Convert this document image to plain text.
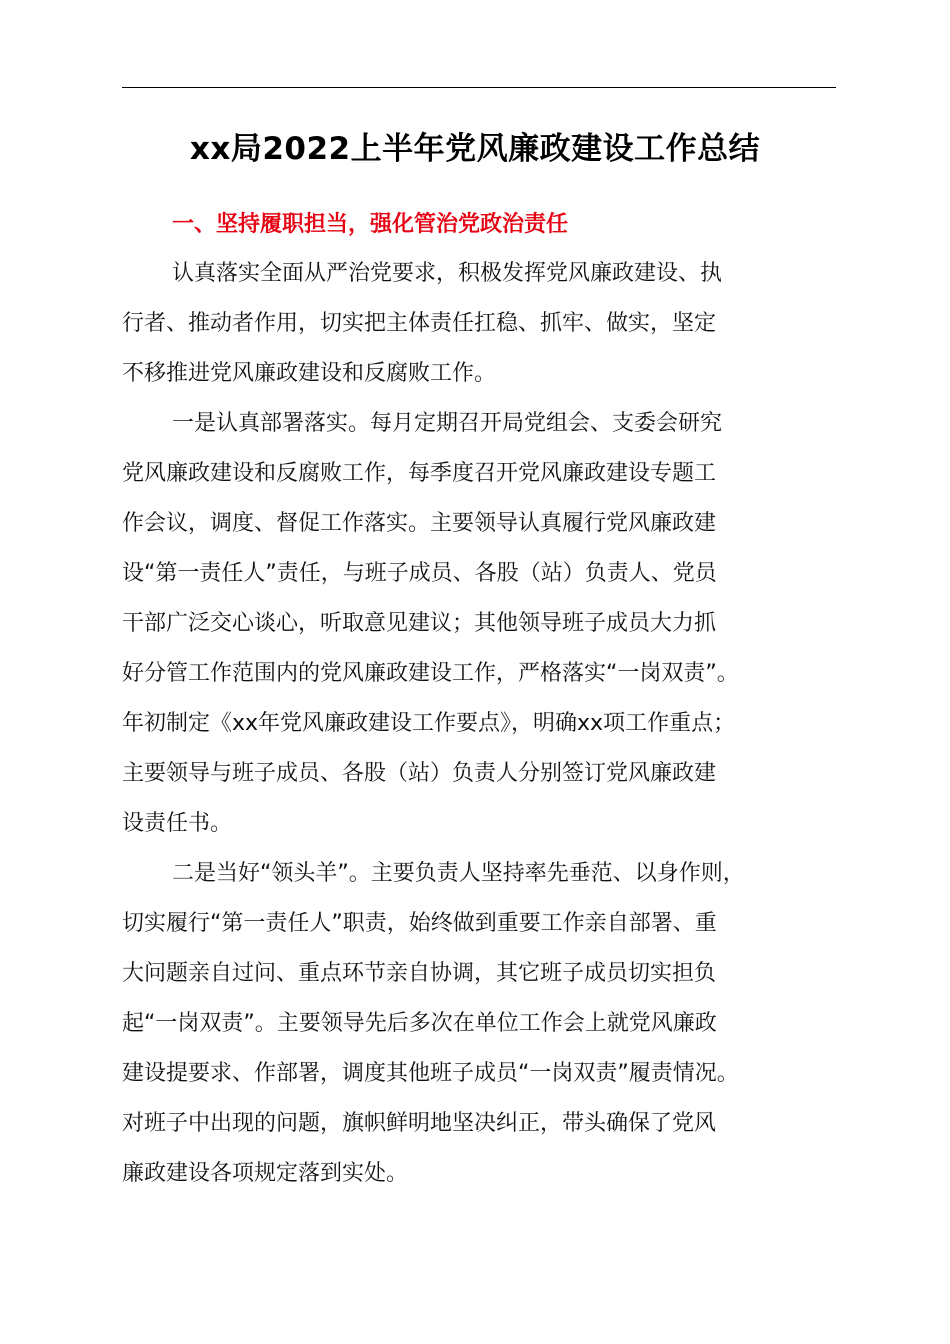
xx局2022上半年党风廉政建设工作总结
一、坚持履职担当，强化管治党政治责任

认真落实全面从严治党要求，积极发挥党风廉政建设、执
行者、推动者作用，切实把主体责任扛稳、抓牢、做实，坚定
不移推进党风廉政建设和反腐败工作。

一是认真部署落实。每月定期召开局党组会、支委会研究
党风廉政建设和反腐败工作，每季度召开党风廉政建设专题工
作会议，调度、督促工作落实。主要领导认真履行党风廉政建
设“第一责任人”责任，与班子成员、各股（站）负责人、党员
干部广泛交心谈心，听取意见建议；其他领导班子成员大力抓
好分管工作范围内的党风廉政建设工作，严格落实“一岗双责”。
年初制定《xx年党风廉政建设工作要点》，明确xx项工作重点；
主要领导与班子成员、各股（站）负责人分别签订党风廉政建
设责任书。

二是当好“领头羊”。主要负责人坚持率先垂范、以身作则，
切实履行“第一责任人”职责，始终做到重要工作亲自部署、重
大问题亲自过问、重点环节亲自协调，其它班子成员切实担负
起“一岗双责”。主要领导先后多次在单位工作会上就党风廉政
建设提要求、作部署，调度其他班子成员“一岗双责”履责情况。
对班子中出现的问题，旗帜鲜明地坚决纠正，带头确保了党风
廉政建设各项规定落到实处。
